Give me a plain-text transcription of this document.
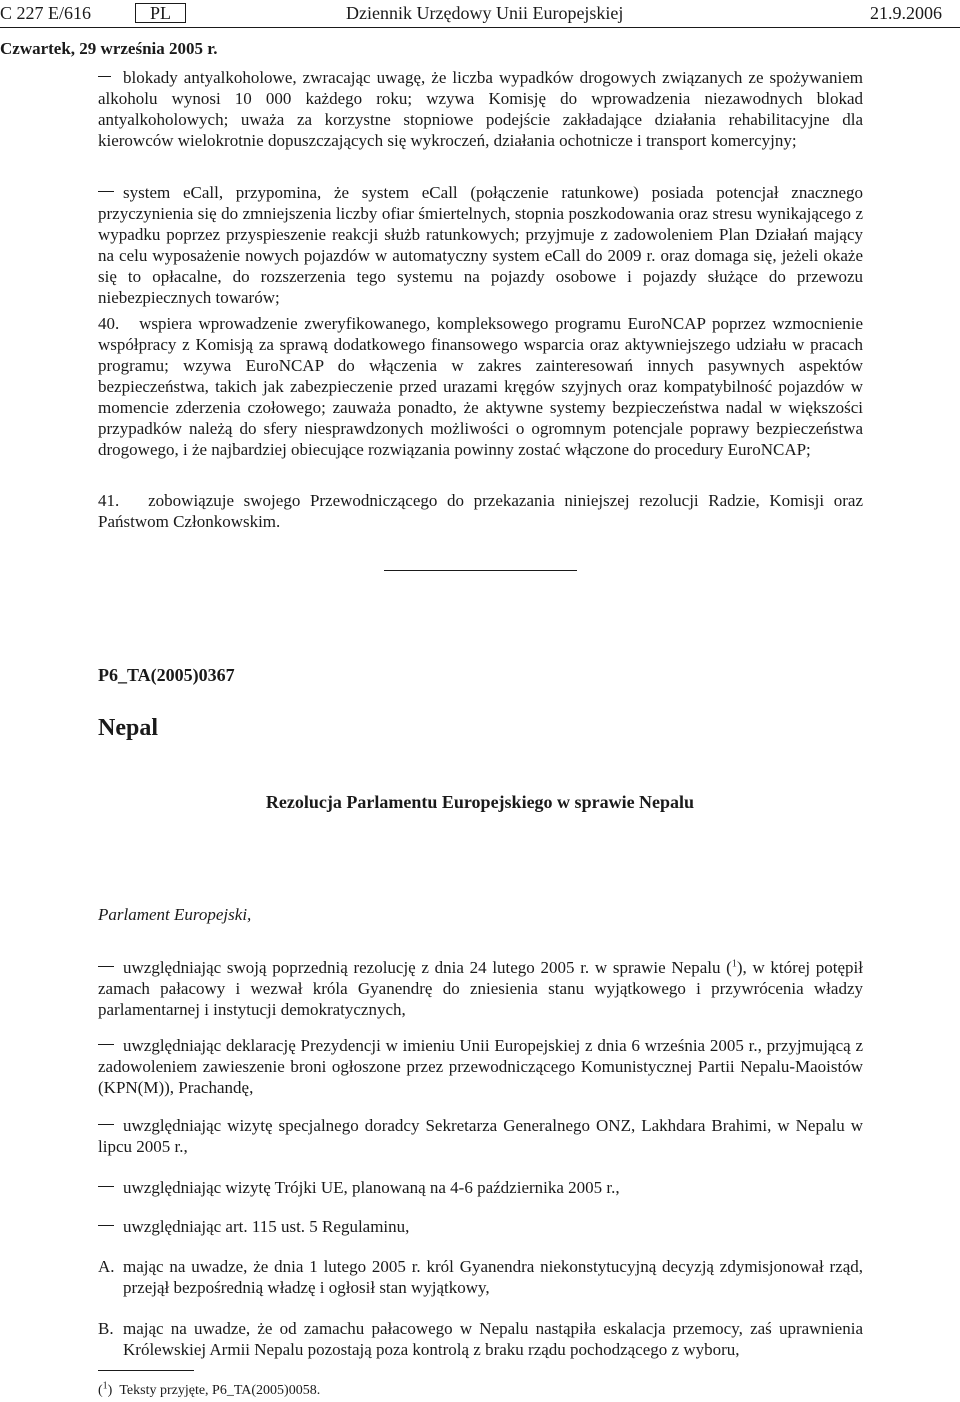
C 227 E/616	PL	Dziennik Urzędowy Unii Europejskiej	21.9.2006
Czwartek, 29 września 2005 r.
blokady antyalkoholowe, zwracając uwagę, że liczba wypadków drogowych związanych ze spożywaniem alkoholu wynosi 10 000 każdego roku; wzywa Komisję do wprowadzenia niezawodnych blokad antyalkoholowych; uważa za korzystne stopniowe podejście zakładające działania rehabilitacyjne dla kierowców wielokrotnie dopuszczających się wykroczeń, działania ochotnicze i transport komercyjny;
system eCall, przypomina, że system eCall (połączenie ratunkowe) posiada potencjał znacznego przyczynienia się do zmniejszenia liczby ofiar śmiertelnych, stopnia poszkodowania oraz stresu wynikającego z wypadku poprzez przyspieszenie reakcji służb ratunkowych; przyjmuje z zadowoleniem Plan Działań mający na celu wyposażenie nowych pojazdów w automatyczny system eCall do 2009 r. oraz domaga się, jeżeli okaże się to opłacalne, do rozszerzenia tego systemu na pojazdy osobowe i pojazdy służące do przewozu niebezpiecznych towarów;
40. wspiera wprowadzenie zweryfikowanego, kompleksowego programu EuroNCAP poprzez wzmocnienie współpracy z Komisją za sprawą dodatkowego finansowego wsparcia oraz aktywniejszego udziału w pracach programu; wzywa EuroNCAP do włączenia w zakres zainteresowań innych pasywnych aspektów bezpieczeństwa, takich jak zabezpieczenie przed urazami kręgów szyjnych oraz kompatybilność pojazdów w momencie zderzenia czołowego; zauważa ponadto, że aktywne systemy bezpieczeństwa nadal w większości przypadków należą do sfery niesprawdzonych możliwości o ogromnym potencjale poprawy bezpieczeństwa drogowego, i że najbardziej obiecujące rozwiązania powinny zostać włączone do procedury EuroNCAP;
41. zobowiązuje swojego Przewodniczącego do przekazania niniejszej rezolucji Radzie, Komisji oraz Państwom Członkowskim.
P6_TA(2005)0367
Nepal
Rezolucja Parlamentu Europejskiego w sprawie Nepalu
Parlament Europejski,
uwzględniając swoją poprzednią rezolucję z dnia 24 lutego 2005 r. w sprawie Nepalu ($^1$), w której potępił zamach pałacowy i wezwał króla Gyanendrę do zniesienia stanu wyjątkowego i przywrócenia władzy parlamentarnej i instytucji demokratycznych,
uwzględniając deklarację Prezydencji w imieniu Unii Europejskiej z dnia 6 września 2005 r., przyjmującą z zadowoleniem zawieszenie broni ogłoszone przez przewodniczącego Komunistycznej Partii Nepalu-Maoistów (KPN(M)), Prachandę,
uwzględniając wizytę specjalnego doradcy Sekretarza Generalnego ONZ, Lakhdara Brahimi, w Nepalu w lipcu 2005 r.,
uwzględniając wizytę Trójki UE, planowaną na 4-6 października 2005 r.,
uwzględniając art. 115 ust. 5 Regulaminu,
A. mając na uwadze, że dnia 1 lutego 2005 r. król Gyanendra niekonstytucyjną decyzją zdymisjonował rząd, przejął bezpośrednią władzę i ogłosił stan wyjątkowy,
B. mając na uwadze, że od zamachu pałacowego w Nepalu nastąpiła eskalacja przemocy, zaś uprawnienia Królewskiej Armii Nepalu pozostają poza kontrolą z braku rządu pochodzącego z wyboru,
($^1$)  Teksty przyjęte, P6_TA(2005)0058.
